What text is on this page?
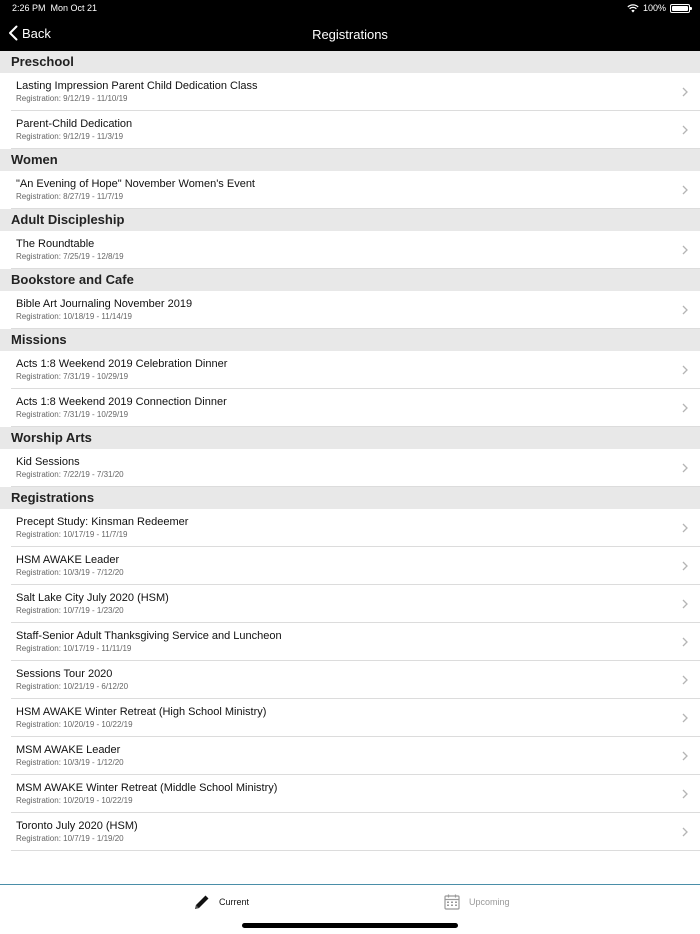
2:26 PM Mon Oct 21	100%
Back	Registrations
Preschool
Lasting Impression Parent Child Dedication Class
Registration: 9/12/19 - 11/10/19
Parent-Child Dedication
Registration: 9/12/19 - 11/3/19
Women
"An Evening of Hope" November Women's Event
Registration: 8/27/19 - 11/7/19
Adult Discipleship
The Roundtable
Registration: 7/25/19 - 12/8/19
Bookstore and Cafe
Bible Art Journaling November 2019
Registration: 10/18/19 - 11/14/19
Missions
Acts 1:8 Weekend 2019 Celebration Dinner
Registration: 7/31/19 - 10/29/19
Acts 1:8 Weekend 2019 Connection Dinner
Registration: 7/31/19 - 10/29/19
Worship Arts
Kid Sessions
Registration: 7/22/19 - 7/31/20
Registrations
Precept Study: Kinsman Redeemer
Registration: 10/17/19 - 11/7/19
HSM AWAKE Leader
Registration: 10/3/19 - 7/12/20
Salt Lake City July 2020 (HSM)
Registration: 10/7/19 - 1/23/20
Staff-Senior Adult Thanksgiving Service and Luncheon
Registration: 10/17/19 - 11/11/19
Sessions Tour 2020
Registration: 10/21/19 - 6/12/20
HSM AWAKE Winter Retreat (High School Ministry)
Registration: 10/20/19 - 10/22/19
MSM AWAKE Leader
Registration: 10/3/19 - 1/12/20
MSM AWAKE Winter Retreat (Middle School Ministry)
Registration: 10/20/19 - 10/22/19
Toronto July 2020 (HSM)
Registration: 10/7/19 - 1/19/20
Current	Upcoming
